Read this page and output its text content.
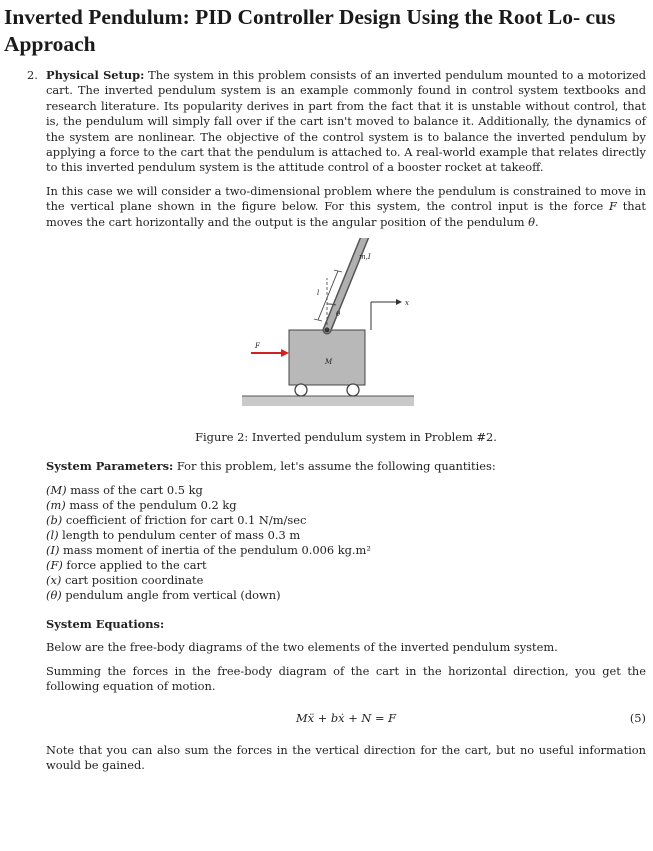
Inverted Pendulum: PID Controller Design Using the Root Lo- cus Approach
2. Physical Setup: The system in this problem consists of an inverted pendulum mounted to a motorized cart. The inverted pendulum system is an example commonly found in control system textbooks and research literature. Its popularity derives in part from the fact that it is unstable without control, that is, the pendulum will simply fall over if the cart isn't moved to balance it. Additionally, the dynamics of the system are nonlinear. The objective of the control system is to balance the inverted pendulum by applying a force to the cart that the pendulum is attached to. A real-world example that relates directly to this inverted pendulum system is the attitude control of a booster rocket at takeoff.

In this case we will consider a two-dimensional problem where the pendulum is constrained to move in the vertical plane shown in the figure below. For this system, the control input is the force F that moves the cart horizontally and the output is the angular position of the pendulum θ.

m,I
l
θ
x
F
M
Figure 2: Inverted pendulum system in Problem #2.

System Parameters: For this problem, let's assume the following quantities:

(M) mass of the cart 0.5 kg
(m) mass of the pendulum 0.2 kg
(b) coefficient of friction for cart 0.1 N/m/sec
(l) length to pendulum center of mass 0.3 m
(I) mass moment of inertia of the pendulum 0.006 kg.m²
(F) force applied to the cart
(x) cart position coordinate
(θ) pendulum angle from vertical (down)

System Equations:

Below are the free-body diagrams of the two elements of the inverted pendulum system.

Summing the forces in the free-body diagram of the cart in the horizontal direction, you get the following equation of motion.

Mẍ + bẋ + N = F	(5)

Note that you can also sum the forces in the vertical direction for the cart, but no useful information would be gained.
